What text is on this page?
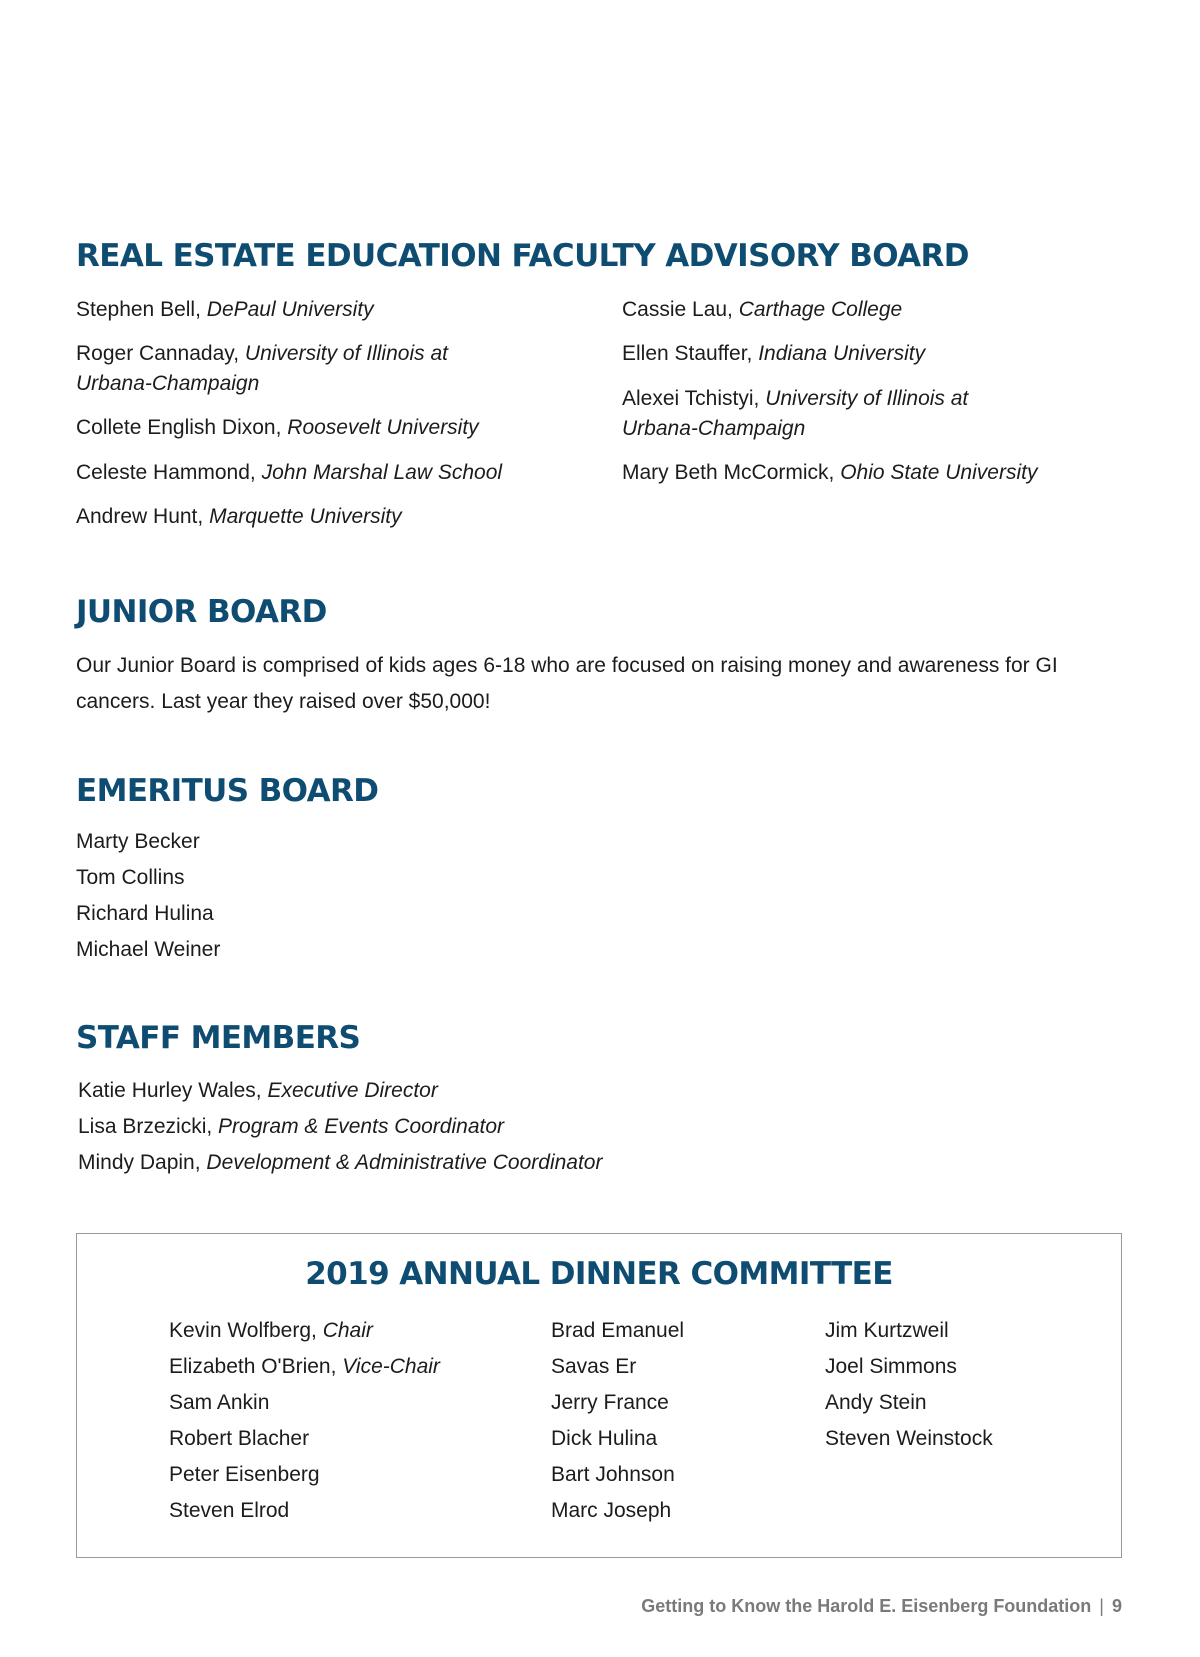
REAL ESTATE EDUCATION FACULTY ADVISORY BOARD
Stephen Bell, DePaul University
Roger Cannaday, University of Illinois at Urbana-Champaign
Collete English Dixon, Roosevelt University
Celeste Hammond, John Marshal Law School
Andrew Hunt, Marquette University
Cassie Lau, Carthage College
Ellen Stauffer, Indiana University
Alexei Tchistyi, University of Illinois at Urbana-Champaign
Mary Beth McCormick, Ohio State University
JUNIOR BOARD
Our Junior Board is comprised of kids ages 6-18 who are focused on raising money and awareness for GI cancers. Last year they raised over $50,000!
EMERITUS BOARD
Marty Becker
Tom Collins
Richard Hulina
Michael Weiner
STAFF MEMBERS
Katie Hurley Wales, Executive Director
Lisa Brzezicki, Program & Events Coordinator
Mindy Dapin, Development & Administrative Coordinator
2019 ANNUAL DINNER COMMITTEE
Kevin Wolfberg, Chair
Elizabeth O'Brien, Vice-Chair
Sam Ankin
Robert Blacher
Peter Eisenberg
Steven Elrod
Brad Emanuel
Savas Er
Jerry France
Dick Hulina
Bart Johnson
Marc Joseph
Jim Kurtzweil
Joel Simmons
Andy Stein
Steven Weinstock
Getting to Know the Harold E. Eisenberg Foundation | 9
